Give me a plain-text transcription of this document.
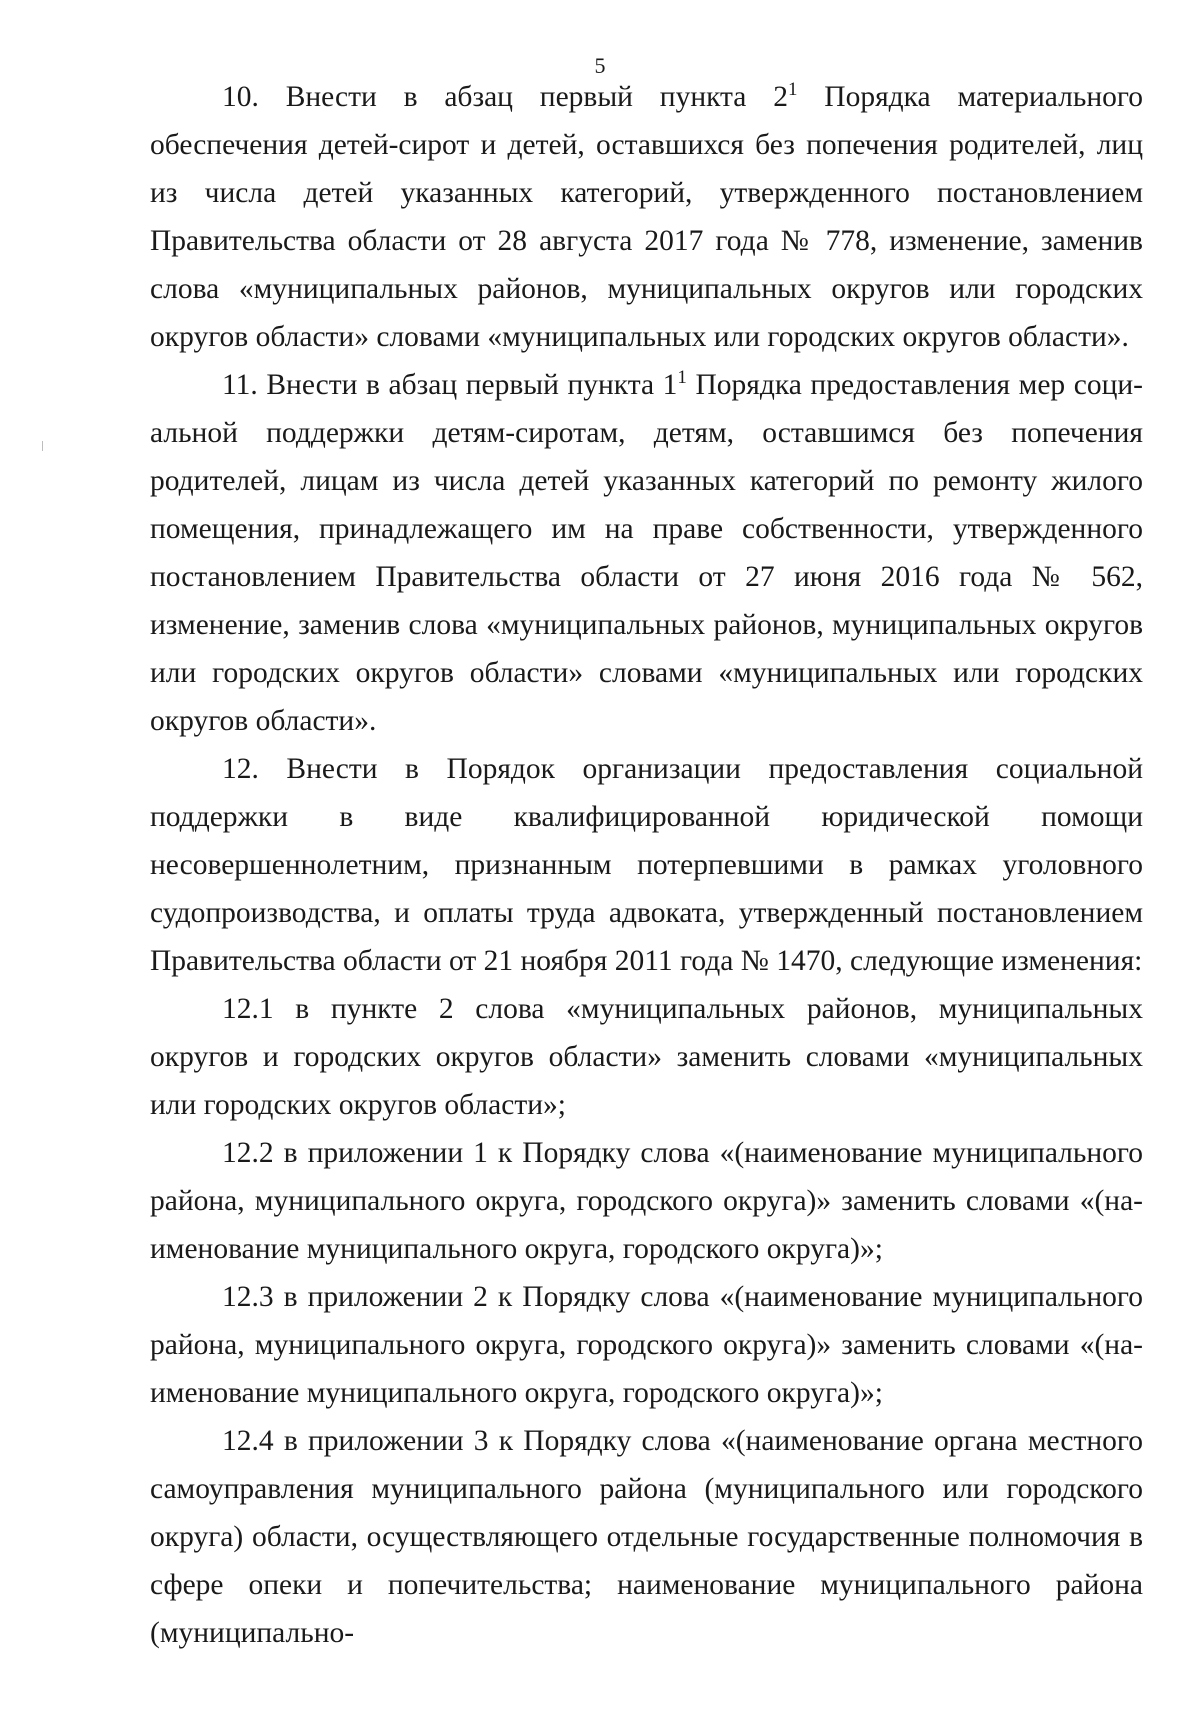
5

10. Внести в абзац первый пункта $2^1$ Порядка материального обеспечения детей-сирот и детей, оставшихся без попечения родителей, лиц из числа детей указанных категорий, утвержденного постановлением Правительства области от 28 августа 2017 года № 778, изменение, заменив слова «муниципальных районов, муниципальных округов или городских округов области» словами «муниципальных или городских округов области».

11. Внести в абзац первый пункта $1^1$ Порядка предоставления мер социальной поддержки детям-сиротам, детям, оставшимся без попечения родителей, лицам из числа детей указанных категорий по ремонту жилого помещения, принадлежащего им на праве собственности, утвержденного постановлением Правительства области от 27 июня 2016 года № 562, изменение, заменив слова «муниципальных районов, муниципальных округов или городских округов области» словами «муниципальных или городских округов области».

12. Внести в Порядок организации предоставления социальной поддержки в виде квалифицированной юридической помощи несовершеннолетним, признанным потерпевшими в рамках уголовного судопроизводства, и оплаты труда адвоката, утвержденный постановлением Правительства области от 21 ноября 2011 года № 1470, следующие изменения:

12.1 в пункте 2 слова «муниципальных районов, муниципальных округов и городских округов области» заменить словами «муниципальных или городских округов области»;

12.2 в приложении 1 к Порядку слова «(наименование муниципального района, муниципального округа, городского округа)» заменить словами «(наименование муниципального округа, городского округа)»;

12.3 в приложении 2 к Порядку слова «(наименование муниципального района, муниципального округа, городского округа)» заменить словами «(наименование муниципального округа, городского округа)»;

12.4 в приложении 3 к Порядку слова «(наименование органа местного самоуправления муниципального района (муниципального или городского округа) области, осуществляющего отдельные государственные полномочия в сфере опеки и попечительства; наименование муниципального района (муниципально-
